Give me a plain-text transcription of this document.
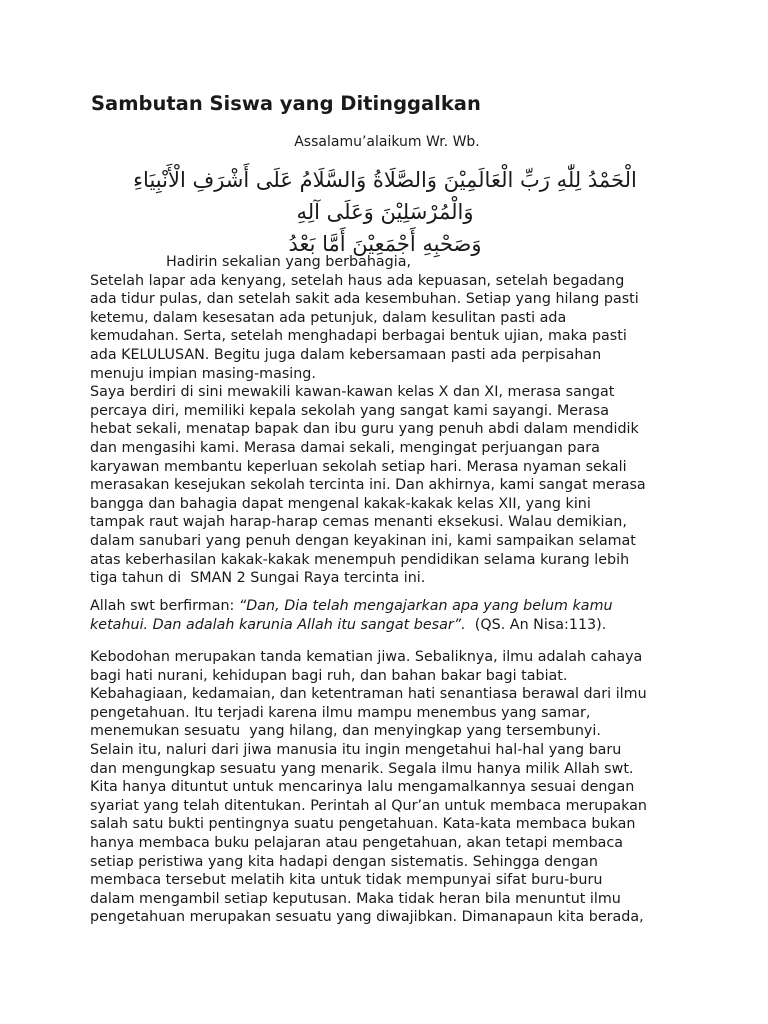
Sambutan Siswa yang Ditinggalkan
Assalamu’alaikum Wr. Wb.
الْحَمْدُ لِلّٰهِ رَبِّ الْعَالَمِيْنَ وَالصَّلَاةُ وَالسَّلَامُ عَلَى أَشْرَفِ الْأَنْبِيَاءِ وَالْمُرْسَلِيْنَ وَعَلَى آلِهِ
وَصَحْبِهِ أَجْمَعِيْنَ أَمَّا بَعْدُ
Hadirin sekalian yang berbahagia,
Setelah lapar ada kenyang, setelah haus ada kepuasan, setelah begadang
ada tidur pulas, dan setelah sakit ada kesembuhan. Setiap yang hilang pasti
ketemu, dalam kesesatan ada petunjuk, dalam kesulitan pasti ada
kemudahan. Serta, setelah menghadapi berbagai bentuk ujian, maka pasti
ada KELULUSAN. Begitu juga dalam kebersamaan pasti ada perpisahan
menuju impian masing-masing.
Saya berdiri di sini mewakili kawan-kawan kelas X dan XI, merasa sangat
percaya diri, memiliki kepala sekolah yang sangat kami sayangi. Merasa
hebat sekali, menatap bapak dan ibu guru yang penuh abdi dalam mendidik
dan mengasihi kami. Merasa damai sekali, mengingat perjuangan para
karyawan membantu keperluan sekolah setiap hari. Merasa nyaman sekali
merasakan kesejukan sekolah tercinta ini. Dan akhirnya, kami sangat merasa
bangga dan bahagia dapat mengenal kakak-kakak kelas XII, yang kini
tampak raut wajah harap-harap cemas menanti eksekusi. Walau demikian,
dalam sanubari yang penuh dengan keyakinan ini, kami sampaikan selamat
atas keberhasilan kakak-kakak menempuh pendidikan selama kurang lebih
tiga tahun di  SMAN 2 Sungai Raya tercinta ini.
Allah swt berfirman: “Dan, Dia telah mengajarkan apa yang belum kamu
ketahui. Dan adalah karunia Allah itu sangat besar”.  (QS. An Nisa:113).
Kebodohan merupakan tanda kematian jiwa. Sebaliknya, ilmu adalah cahaya
bagi hati nurani, kehidupan bagi ruh, dan bahan bakar bagi tabiat.
Kebahagiaan, kedamaian, dan ketentraman hati senantiasa berawal dari ilmu
pengetahuan. Itu terjadi karena ilmu mampu menembus yang samar,
menemukan sesuatu  yang hilang, dan menyingkap yang tersembunyi.
Selain itu, naluri dari jiwa manusia itu ingin mengetahui hal-hal yang baru
dan mengungkap sesuatu yang menarik. Segala ilmu hanya milik Allah swt.
Kita hanya dituntut untuk mencarinya lalu mengamalkannya sesuai dengan
syariat yang telah ditentukan. Perintah al Qur’an untuk membaca merupakan
salah satu bukti pentingnya suatu pengetahuan. Kata-kata membaca bukan
hanya membaca buku pelajaran atau pengetahuan, akan tetapi membaca
setiap peristiwa yang kita hadapi dengan sistematis. Sehingga dengan
membaca tersebut melatih kita untuk tidak mempunyai sifat buru-buru
dalam mengambil setiap keputusan. Maka tidak heran bila menuntut ilmu
pengetahuan merupakan sesuatu yang diwajibkan. Dimanapaun kita berada,
